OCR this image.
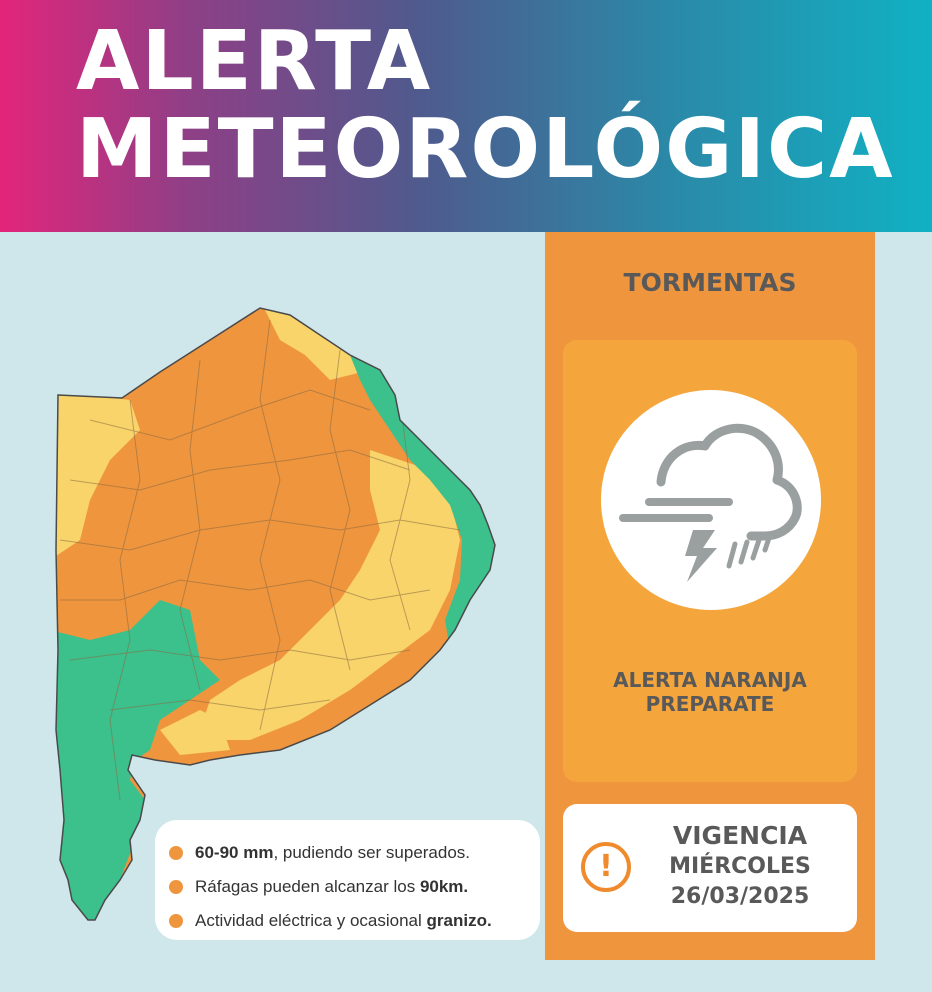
ALERTA
METEOROLÓGICA
TORMENTAS
ALERTA NARANJA
PREPARATE
!
VIGENCIA
MIÉRCOLES
26/03/2025
60-90 mm, pudiendo ser superados.
Ráfagas pueden alcanzar los 90km.
Actividad eléctrica y ocasional granizo.
